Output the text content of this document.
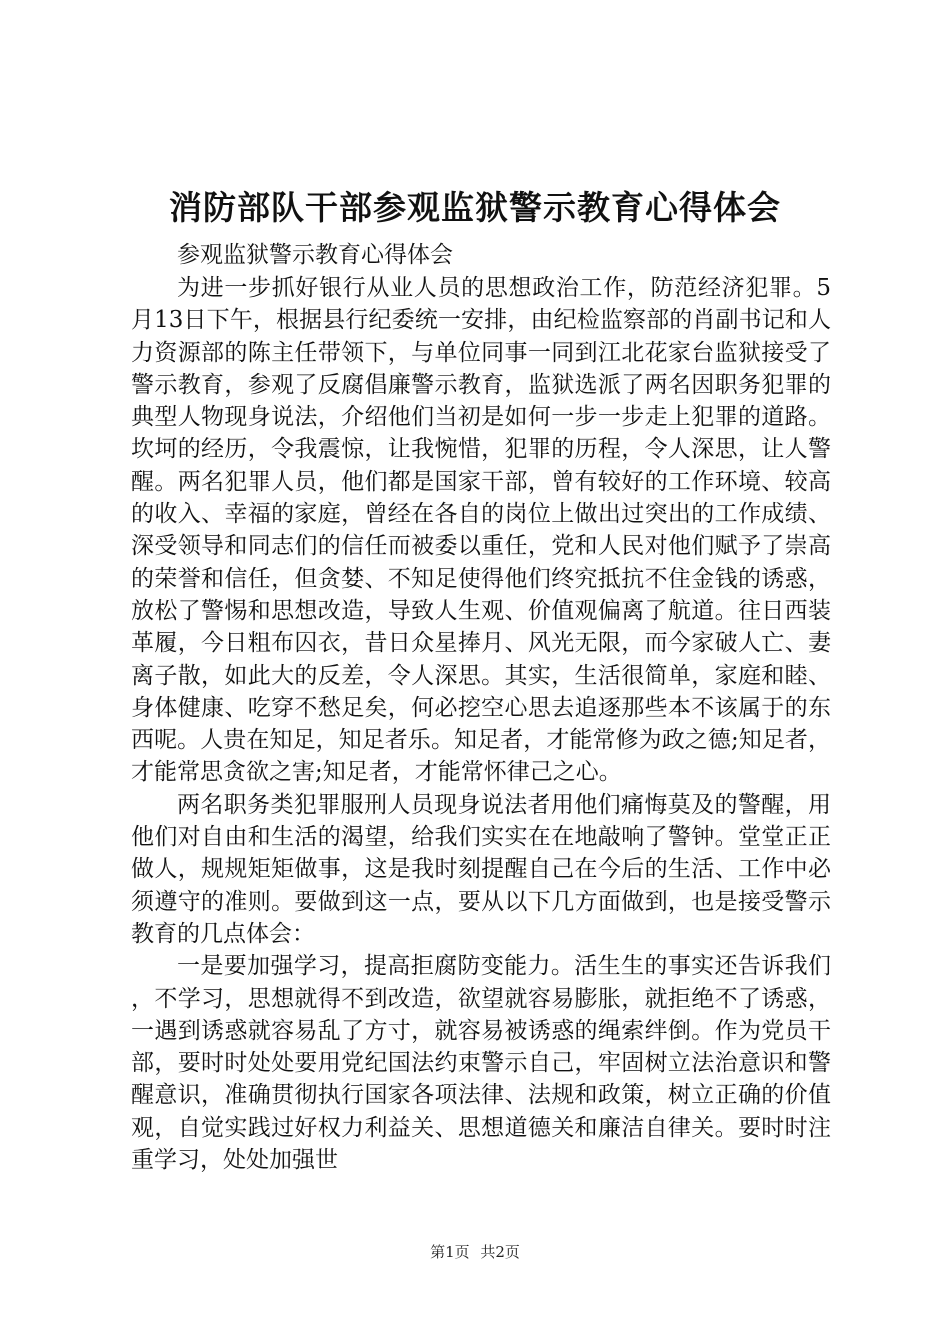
消防部队干部参观监狱警示教育心得体会

参观监狱警示教育心得体会

为进一步抓好银行从业人员的思想政治工作，防范经济犯罪。5月13日下午，根据县行纪委统一安排，由纪检监察部的肖副书记和人力资源部的陈主任带领下，与单位同事一同到江北花家台监狱接受了警示教育，参观了反腐倡廉警示教育，监狱选派了两名因职务犯罪的典型人物现身说法，介绍他们当初是如何一步一步走上犯罪的道路。坎坷的经历，令我震惊，让我惋惜，犯罪的历程，令人深思，让人警醒。两名犯罪人员，他们都是国家干部，曾有较好的工作环境、较高的收入、幸福的家庭，曾经在各自的岗位上做出过突出的工作成绩、深受领导和同志们的信任而被委以重任，党和人民对他们赋予了崇高的荣誉和信任，但贪婪、不知足使得他们终究抵抗不住金钱的诱惑，放松了警惕和思想改造，导致人生观、价值观偏离了航道。往日西装革履，今日粗布囚衣，昔日众星捧月、风光无限，而今家破人亡、妻离子散，如此大的反差，令人深思。其实，生活很简单，家庭和睦、身体健康、吃穿不愁足矣，何必挖空心思去追逐那些本不该属于的东西呢。人贵在知足，知足者乐。知足者，才能常修为政之德;知足者，才能常思贪欲之害;知足者，才能常怀律己之心。

两名职务类犯罪服刑人员现身说法者用他们痛悔莫及的警醒，用他们对自由和生活的渴望，给我们实实在在地敲响了警钟。堂堂正正做人，规规矩矩做事，这是我时刻提醒自己在今后的生活、工作中必须遵守的准则。要做到这一点，要从以下几方面做到，也是接受警示教育的几点体会：

一是要加强学习，提高拒腐防变能力。活生生的事实还告诉我们，不学习，思想就得不到改造，欲望就容易膨胀，就拒绝不了诱惑，一遇到诱惑就容易乱了方寸，就容易被诱惑的绳索绊倒。作为党员干部，要时时处处要用党纪国法约束警示自己，牢固树立法治意识和警醒意识，准确贯彻执行国家各项法律、法规和政策，树立正确的价值观，自觉实践过好权力利益关、思想道德关和廉洁自律关。要时时注重学习，处处加强世

第1页 共2页
